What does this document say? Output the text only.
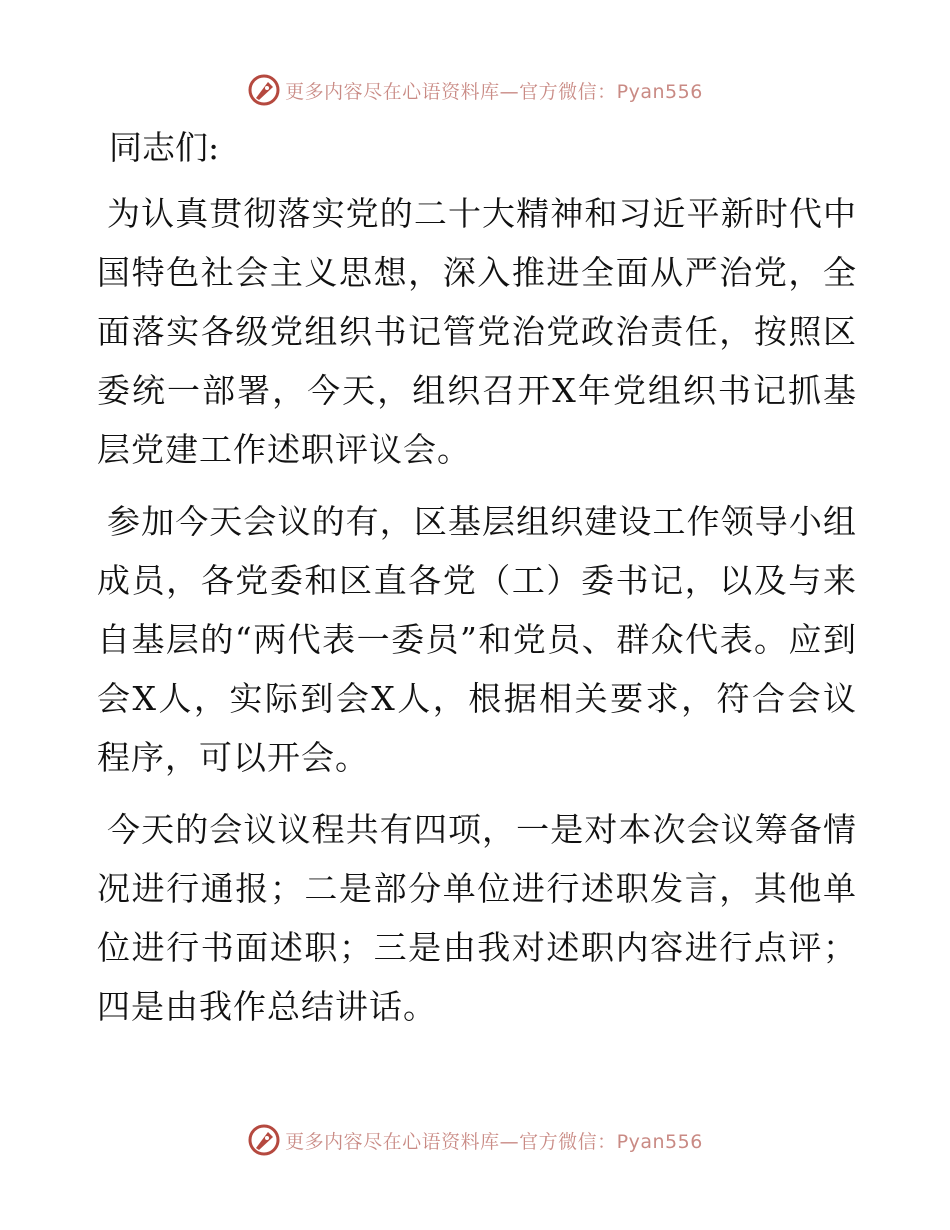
更多内容尽在心语资料库—官方微信：Pyan556
同志们:

为认真贯彻落实党的二十大精神和习近平新时代中国特色社会主义思想，深入推进全面从严治党，全面落实各级党组织书记管党治党政治责任，按照区委统一部署，今天，组织召开X年党组织书记抓基层党建工作述职评议会。

参加今天会议的有，区基层组织建设工作领导小组成员，各党委和区直各党（工）委书记，以及与来自基层的“两代表一委员”和党员、群众代表。应到会X人，实际到会X人，根据相关要求，符合会议程序，可以开会。

今天的会议议程共有四项，一是对本次会议筹备情况进行通报；二是部分单位进行述职发言，其他单位进行书面述职；三是由我对述职内容进行点评；四是由我作总结讲话。

更多内容尽在心语资料库—官方微信：Pyan556
